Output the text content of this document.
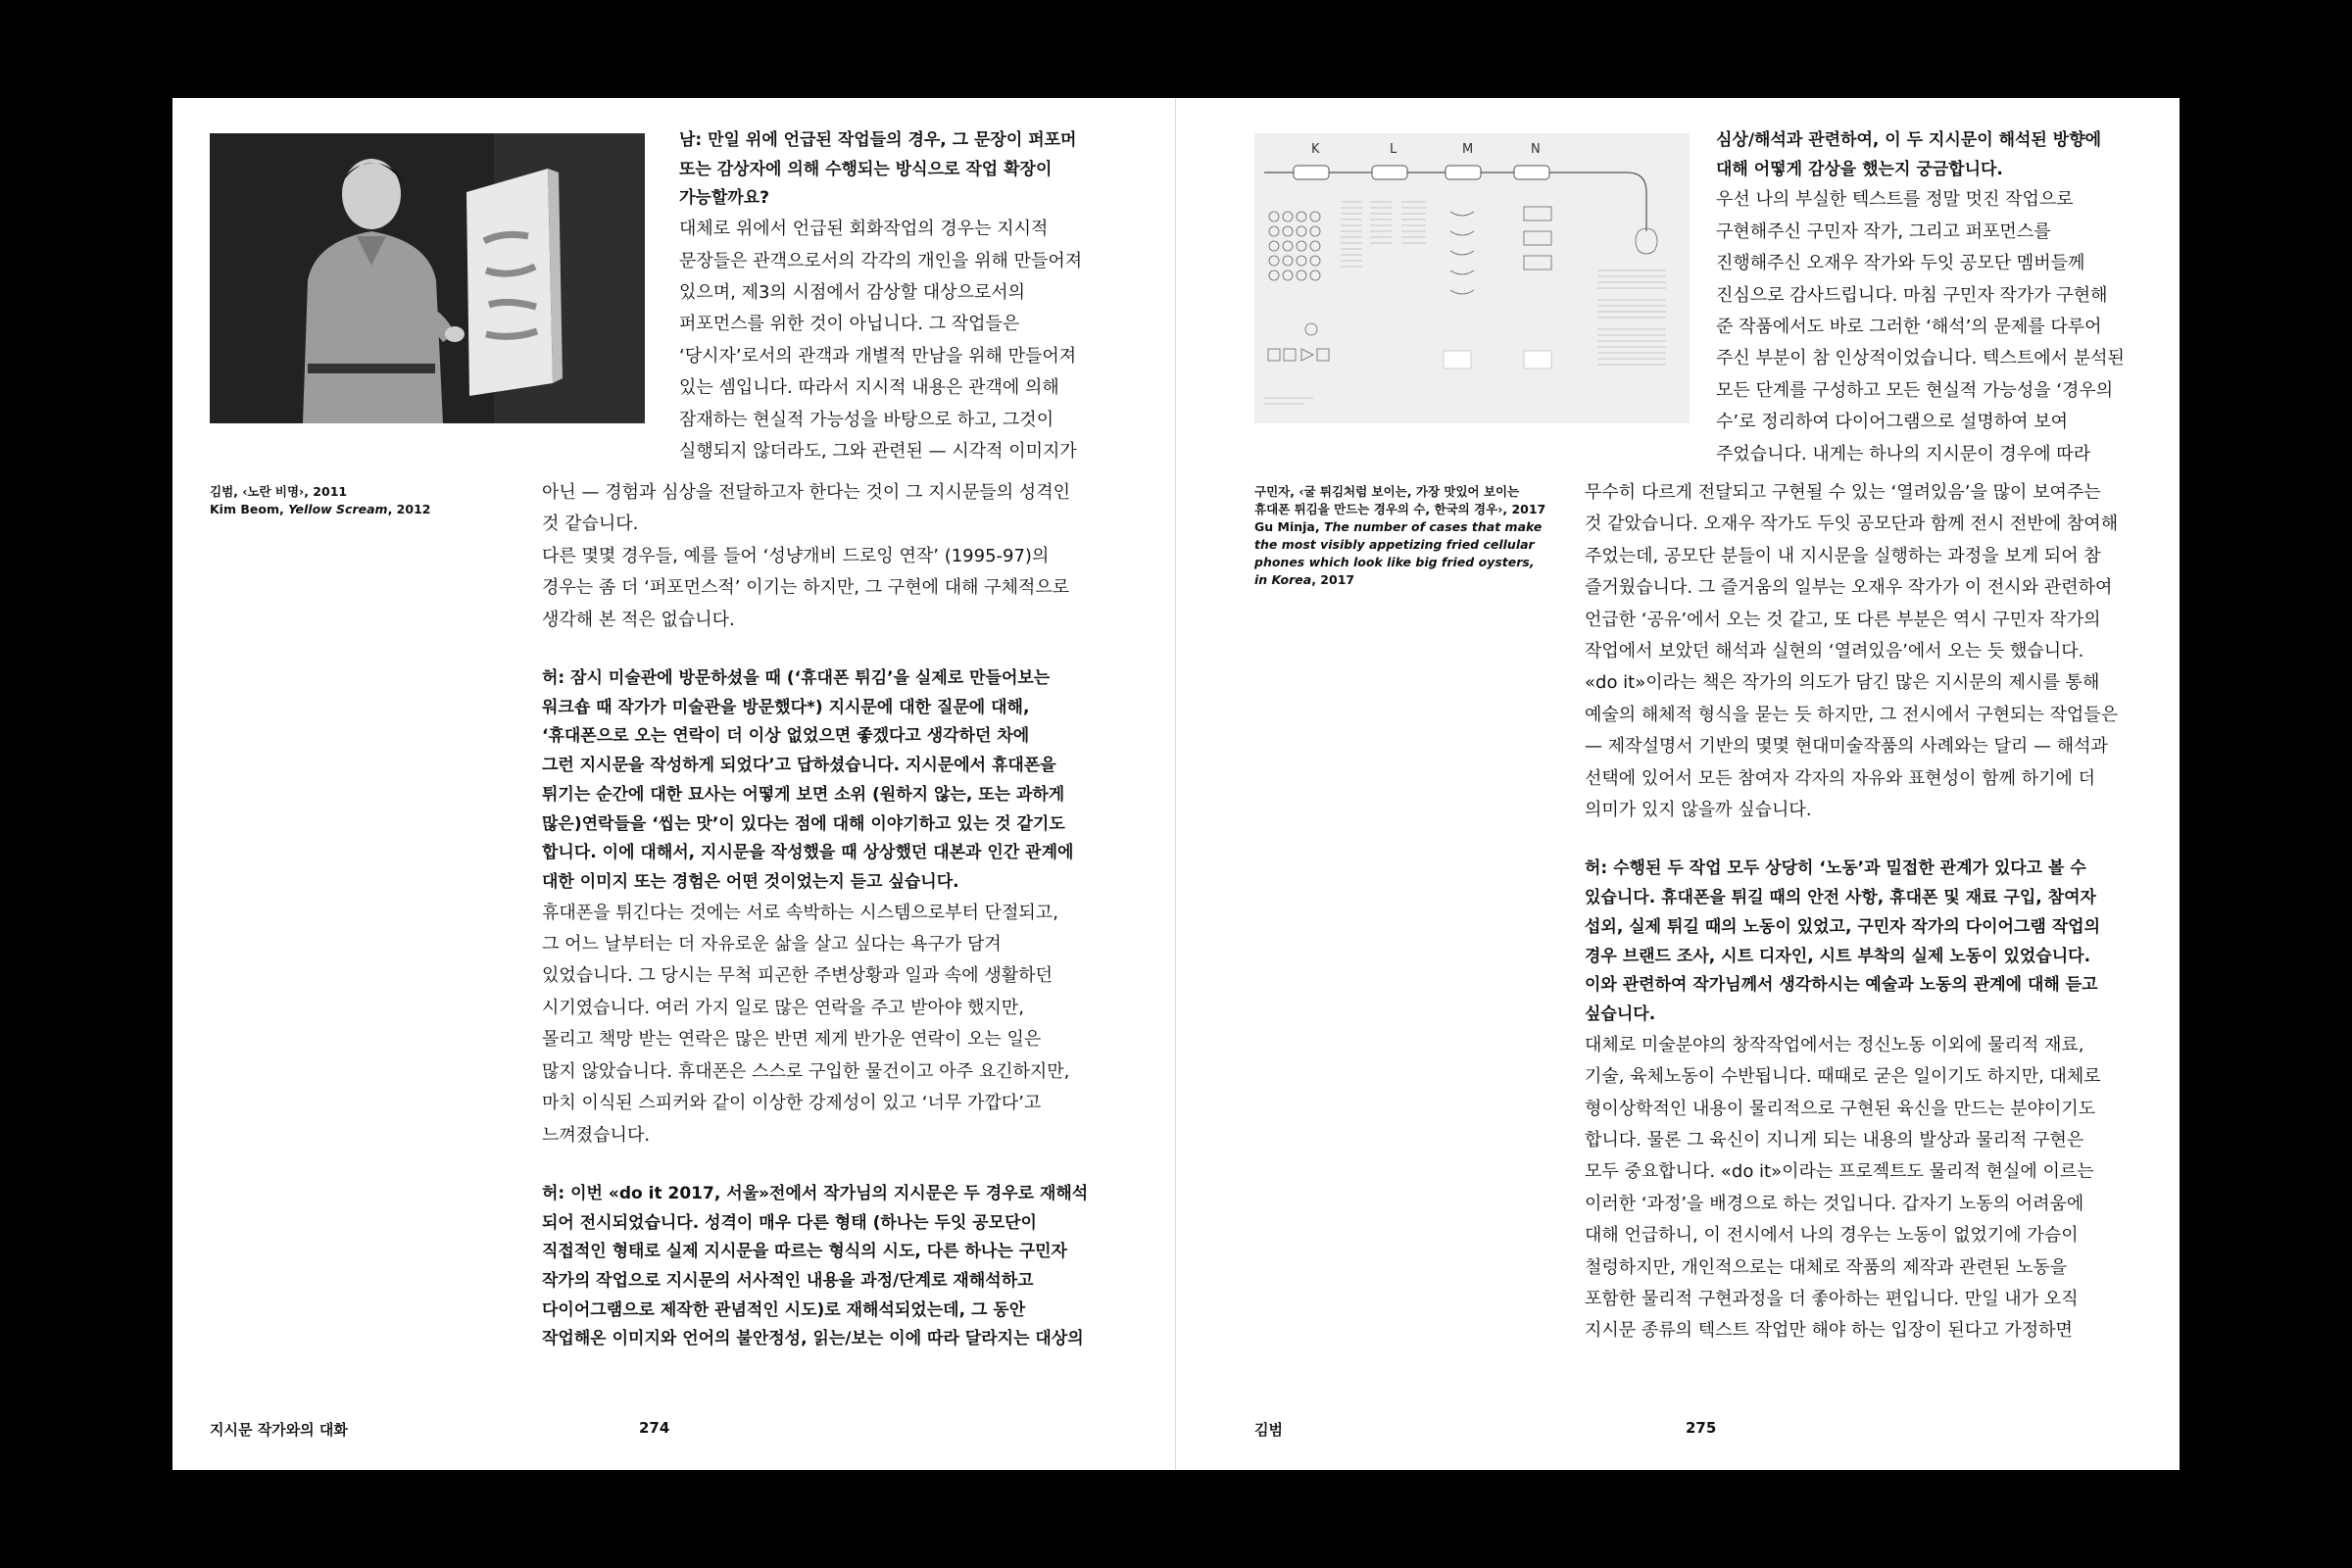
김범, ‹노란 비명›, 2011
Kim Beom, Yellow Scream, 2012

남: 만일 위에 언급된 작업들의 경우, 그 문장이 퍼포머

또는 감상자에 의해 수행되는 방식으로 작업 확장이

가능할까요?

대체로 위에서 언급된 회화작업의 경우는 지시적

문장들은 관객으로서의 각각의 개인을 위해 만들어져

있으며, 제3의 시점에서 감상할 대상으로서의

퍼포먼스를 위한 것이 아닙니다. 그 작업들은

‘당시자’로서의 관객과 개별적 만남을 위해 만들어져

있는 셈입니다. 따라서 지시적 내용은 관객에 의해

잠재하는 현실적 가능성을 바탕으로 하고, 그것이

실행되지 않더라도, 그와 관련된 — 시각적 이미지가

아닌 — 경험과 심상을 전달하고자 한다는 것이 그 지시문들의 성격인

것 같습니다.

다른 몇몇 경우들, 예를 들어 ‘성냥개비 드로잉 연작’ (1995-97)의

경우는 좀 더 ‘퍼포먼스적’ 이기는 하지만, 그 구현에 대해 구체적으로

생각해 본 적은 없습니다.

허: 잠시 미술관에 방문하셨을 때 (‘휴대폰 튀김’을 실제로 만들어보는

워크숍 때 작가가 미술관을 방문했다*) 지시문에 대한 질문에 대해,

‘휴대폰으로 오는 연락이 더 이상 없었으면 좋겠다고 생각하던 차에

그런 지시문을 작성하게 되었다’고 답하셨습니다. 지시문에서 휴대폰을

튀기는 순간에 대한 묘사는 어떻게 보면 소위 (원하지 않는, 또는 과하게

많은)연락들을 ‘씹는 맛’이 있다는 점에 대해 이야기하고 있는 것 같기도

합니다. 이에 대해서, 지시문을 작성했을 때 상상했던 대본과 인간 관계에

대한 이미지 또는 경험은 어떤 것이었는지 듣고 싶습니다.

휴대폰을 튀긴다는 것에는 서로 속박하는 시스템으로부터 단절되고,

그 어느 날부터는 더 자유로운 삶을 살고 싶다는 욕구가 담겨

있었습니다. 그 당시는 무척 피곤한 주변상황과 일과 속에 생활하던

시기였습니다. 여러 가지 일로 많은 연락을 주고 받아야 했지만,

몰리고 책망 받는 연락은 많은 반면 제게 반가운 연락이 오는 일은

많지 않았습니다. 휴대폰은 스스로 구입한 물건이고 아주 요긴하지만,

마치 이식된 스피커와 같이 이상한 강제성이 있고 ‘너무 가깝다’고

느껴졌습니다.

허: 이번 «do it 2017, 서울»전에서 작가님의 지시문은 두 경우로 재해석

되어 전시되었습니다. 성격이 매우 다른 형태 (하나는 두잇 공모단이

직접적인 형태로 실제 지시문을 따르는 형식의 시도, 다른 하나는 구민자

작가의 작업으로 지시문의 서사적인 내용을 과정/단계로 재해석하고

다이어그램으로 제작한 관념적인 시도)로 재해석되었는데, 그 동안

작업해온 이미지와 언어의 불안정성, 읽는/보는 이에 따라 달라지는 대상의

지시문 작가와의 대화	274
K	L	M	N
구민자, ‹굴 튀김처럼 보이는, 가장 맛있어 보이는
휴대폰 튀김을 만드는 경우의 수, 한국의 경우›, 2017
Gu Minja, The number of cases that make
the most visibly appetizing fried cellular
phones which look like big fried oysters,
in Korea, 2017

심상/해석과 관련하여, 이 두 지시문이 해석된 방향에

대해 어떻게 감상을 했는지 궁금합니다.

우선 나의 부실한 텍스트를 정말 멋진 작업으로

구현해주신 구민자 작가, 그리고 퍼포먼스를

진행해주신 오재우 작가와 두잇 공모단 멤버들께

진심으로 감사드립니다. 마침 구민자 작가가 구현해

준 작품에서도 바로 그러한 ‘해석’의 문제를 다루어

주신 부분이 참 인상적이었습니다. 텍스트에서 분석된

모든 단계를 구성하고 모든 현실적 가능성을 ‘경우의

수’로 정리하여 다이어그램으로 설명하여 보여

주었습니다. 내게는 하나의 지시문이 경우에 따라

무수히 다르게 전달되고 구현될 수 있는 ‘열려있음’을 많이 보여주는

것 같았습니다. 오재우 작가도 두잇 공모단과 함께 전시 전반에 참여해

주었는데, 공모단 분들이 내 지시문을 실행하는 과정을 보게 되어 참

즐거웠습니다. 그 즐거움의 일부는 오재우 작가가 이 전시와 관련하여

언급한 ‘공유’에서 오는 것 같고, 또 다른 부분은 역시 구민자 작가의

작업에서 보았던 해석과 실현의 ‘열려있음’에서 오는 듯 했습니다.

«do it»이라는 책은 작가의 의도가 담긴 많은 지시문의 제시를 통해

예술의 해체적 형식을 묻는 듯 하지만, 그 전시에서 구현되는 작업들은

— 제작설명서 기반의 몇몇 현대미술작품의 사례와는 달리 — 해석과

선택에 있어서 모든 참여자 각자의 자유와 표현성이 함께 하기에 더

의미가 있지 않을까 싶습니다.

허: 수행된 두 작업 모두 상당히 ‘노동’과 밀접한 관계가 있다고 볼 수

있습니다. 휴대폰을 튀길 때의 안전 사항, 휴대폰 및 재료 구입, 참여자

섭외, 실제 튀길 때의 노동이 있었고, 구민자 작가의 다이어그램 작업의

경우 브랜드 조사, 시트 디자인, 시트 부착의 실제 노동이 있었습니다.

이와 관련하여 작가님께서 생각하시는 예술과 노동의 관계에 대해 듣고

싶습니다.

대체로 미술분야의 창작작업에서는 정신노동 이외에 물리적 재료,

기술, 육체노동이 수반됩니다. 때때로 굳은 일이기도 하지만, 대체로

형이상학적인 내용이 물리적으로 구현된 육신을 만드는 분야이기도

합니다. 물론 그 육신이 지니게 되는 내용의 발상과 물리적 구현은

모두 중요합니다. «do it»이라는 프로젝트도 물리적 현실에 이르는

이러한 ‘과정’을 배경으로 하는 것입니다. 갑자기 노동의 어려움에

대해 언급하니, 이 전시에서 나의 경우는 노동이 없었기에 가슴이

철렁하지만, 개인적으로는 대체로 작품의 제작과 관련된 노동을

포함한 물리적 구현과정을 더 좋아하는 편입니다. 만일 내가 오직

지시문 종류의 텍스트 작업만 해야 하는 입장이 된다고 가정하면

김범	275
